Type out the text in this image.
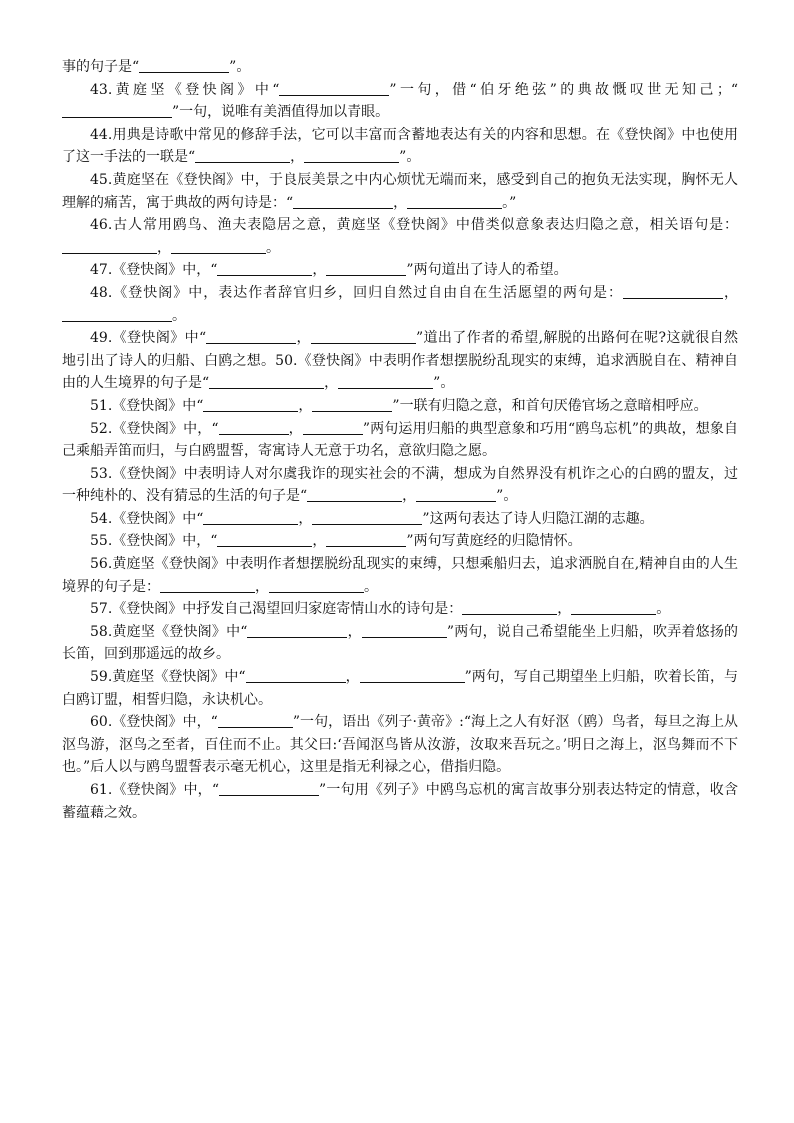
事的句子是“	”。

43.黄庭坚《登快阁》中“	”一句，借“伯牙绝弦”的典故慨叹世无知己；“”一句，说唯有美酒值得加以青眼。

44.用典是诗歌中常见的修辞手法，它可以丰富而含蓄地表达有关的内容和思想。在《登快阁》中也使用了这一手法的一联是“	，	”。

45.黄庭坚在《登快阁》中，于良辰美景之中内心烦忧无端而来，感受到自己的抱负无法实现，胸怀无人理解的痛苦，寓于典故的两句诗是：“	，	。”

46.古人常用鸥鸟、渔夫表隐居之意，黄庭坚《登快阁》中借类似意象表达归隐之意，相关语句是：，	。

47.《登快阁》中，“	，	”两句道出了诗人的希望。

48.《登快阁》中，表达作者辞官归乡，回归自然过自由自在生活愿望的两句是：	，。

49.《登快阁》中“	，	”道出了作者的希望,解脱的出路何在呢?这就很自然地引出了诗人的归船、白鸥之想。50.《登快阁》中表明作者想摆脱纷乱现实的束缚，追求洒脱自在、精神自由的人生境界的句子是“	，	”。

51.《登快阁》中“	，	”一联有归隐之意，和首句厌倦官场之意暗相呼应。

52.《登快阁》中，“	，	”两句运用归船的典型意象和巧用“鸥鸟忘机”的典故，想象自己乘船弄笛而归，与白鸥盟誓，寄寓诗人无意于功名，意欲归隐之愿。

53.《登快阁》中表明诗人对尔虞我诈的现实社会的不满，想成为自然界没有机诈之心的白鸥的盟友，过一种纯朴的、没有猜忌的生活的句子是“	，	”。

54.《登快阁》中“	，	”这两句表达了诗人归隐江湖的志趣。

55.《登快阁》中，“	，	”两句写黄庭经的归隐情怀。

56.黄庭坚《登快阁》中表明作者想摆脱纷乱现实的束缚，只想乘船归去，追求洒脱自在,精神自由的人生境界的句子是：	，	。

57.《登快阁》中抒发自己渴望回归家庭寄情山水的诗句是：	，	。

58.黄庭坚《登快阁》中“	，	”两句，说自己希望能坐上归船，吹弄着悠扬的长笛，回到那遥远的故乡。

59.黄庭坚《登快阁》中“	，	”两句，写自己期望坐上归船，吹着长笛，与白鸥订盟，相誓归隐，永诀机心。

60.《登快阁》中，“	”一句，语出《列子·黄帝》:“海上之人有好沤（鸥）鸟者，每旦之海上从沤鸟游，沤鸟之至者，百住而不止。其父曰:‘吾闻沤鸟皆从汝游，汝取来吾玩之。’明日之海上，沤鸟舞而不下 也。”后人以与鸥鸟盟誓表示毫无机心，这里是指无利禄之心，借指归隐。

61.《登快阁》中，“	”一句用《列子》中鸥鸟忘机的寓言故事分别表达特定的情意，收含蓄蕴藉之效。
